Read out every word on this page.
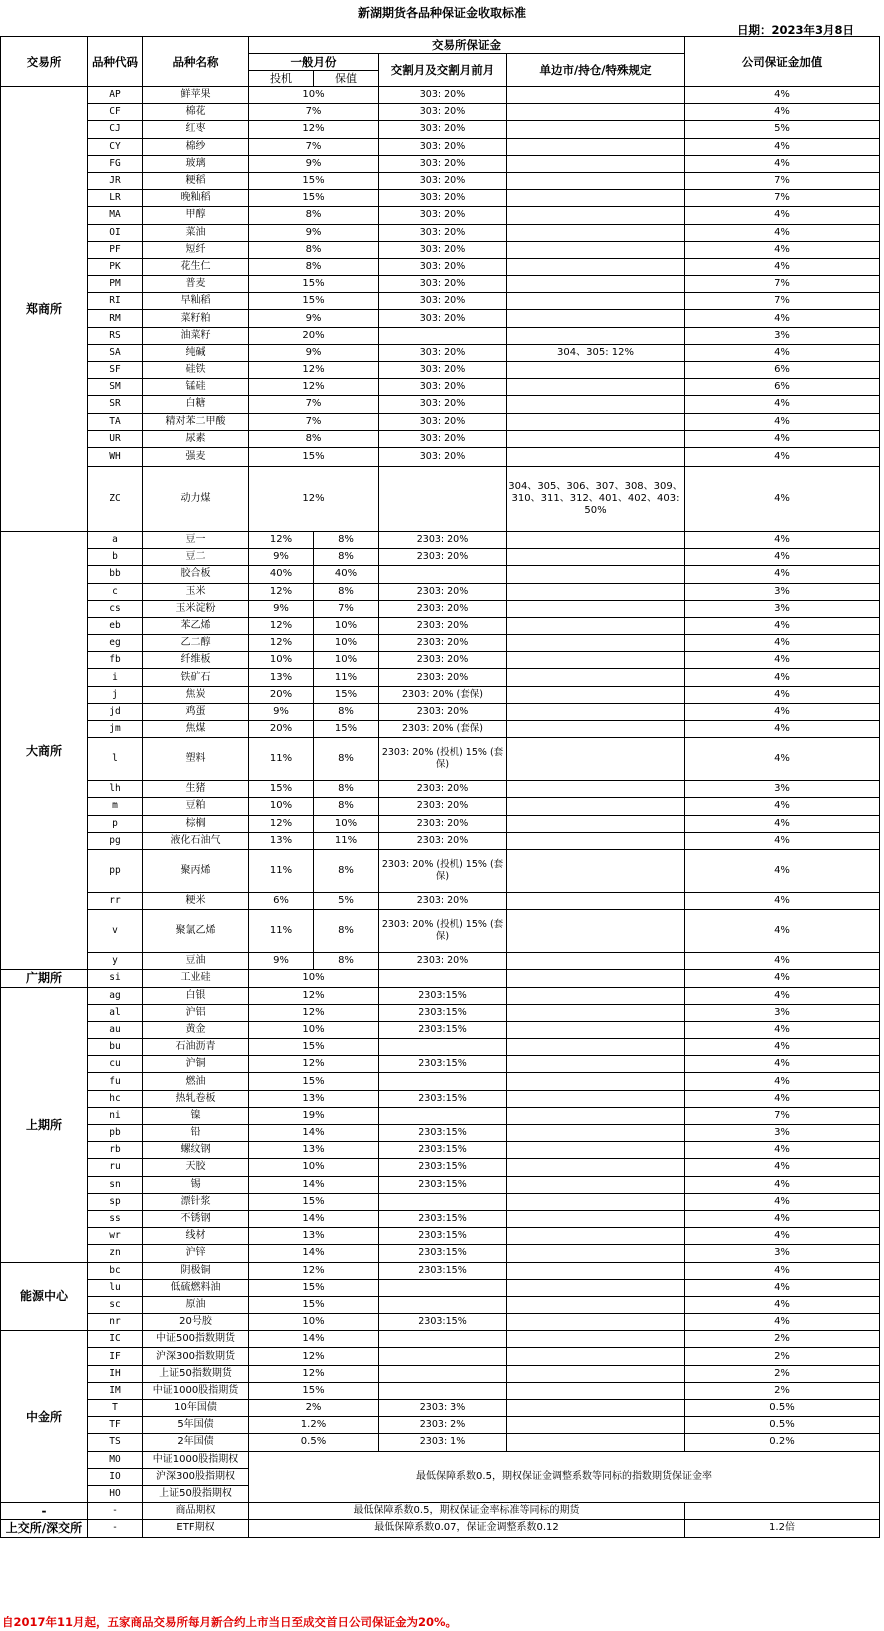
新湖期货各品种保证金收取标准
日期：2023年3月8日
交易所	品种代码	品种名称	交易所保证金				公司保证金加值
			一般月份		交割月及交割月前月	单边市/持仓/特殊规定	
			投机	保值			
郑商所	AP	鲜苹果	10%		303: 20%		4%
	CF	棉花	7%		303: 20%		4%
	CJ	红枣	12%		303: 20%		5%
	CY	棉纱	7%		303: 20%		4%
	FG	玻璃	9%		303: 20%		4%
	JR	粳稻	15%		303: 20%		7%
	LR	晚籼稻	15%		303: 20%		7%
	MA	甲醇	8%		303: 20%		4%
	OI	菜油	9%		303: 20%		4%
	PF	短纤	8%		303: 20%		4%
	PK	花生仁	8%		303: 20%		4%
	PM	普麦	15%		303: 20%		7%
	RI	早籼稻	15%		303: 20%		7%
	RM	菜籽粕	9%		303: 20%		4%
	RS	油菜籽	20%				3%
	SA	纯碱	9%		303: 20%	304、305: 12%	4%
	SF	硅铁	12%		303: 20%		6%
	SM	锰硅	12%		303: 20%		6%
	SR	白糖	7%		303: 20%		4%
	TA	精对苯二甲酸	7%		303: 20%		4%
	UR	尿素	8%		303: 20%		4%
	WH	强麦	15%		303: 20%		4%
	ZC	动力煤	12%			304、305、306、307、308、309、310、311、312、401、402、403: 50%	4%
大商所	a	豆一	12%	8%	2303: 20%		4%
	b	豆二	9%	8%	2303: 20%		4%
	bb	胶合板	40%	40%			4%
	c	玉米	12%	8%	2303: 20%		3%
	cs	玉米淀粉	9%	7%	2303: 20%		3%
	eb	苯乙烯	12%	10%	2303: 20%		4%
	eg	乙二醇	12%	10%	2303: 20%		4%
	fb	纤维板	10%	10%	2303: 20%		4%
	i	铁矿石	13%	11%	2303: 20%		4%
	j	焦炭	20%	15%	2303: 20% (套保)		4%
	jd	鸡蛋	9%	8%	2303: 20%		4%
	jm	焦煤	20%	15%	2303: 20% (套保)		4%
	l	塑料	11%	8%	2303: 20% (投机) 15% (套保)		4%
	lh	生猪	15%	8%	2303: 20%		3%
	m	豆粕	10%	8%	2303: 20%		4%
	p	棕榈	12%	10%	2303: 20%		4%
	pg	液化石油气	13%	11%	2303: 20%		4%
	pp	聚丙烯	11%	8%	2303: 20% (投机) 15% (套保)		4%
	rr	粳米	6%	5%	2303: 20%		4%
	v	聚氯乙烯	11%	8%	2303: 20% (投机) 15% (套保)		4%
	y	豆油	9%	8%	2303: 20%		4%
广期所	si	工业硅	10%				4%
上期所	ag	白银	12%		2303:15%		4%
	al	沪铝	12%		2303:15%		3%
	au	黄金	10%		2303:15%		4%
	bu	石油沥青	15%				4%
	cu	沪铜	12%		2303:15%		4%
	fu	燃油	15%				4%
	hc	热轧卷板	13%		2303:15%		4%
	ni	镍	19%				7%
	pb	铅	14%		2303:15%		3%
	rb	螺纹钢	13%		2303:15%		4%
	ru	天胶	10%		2303:15%		4%
	sn	锡	14%		2303:15%		4%
	sp	漂针浆	15%				4%
	ss	不锈钢	14%		2303:15%		4%
	wr	线材	13%		2303:15%		4%
	zn	沪锌	14%		2303:15%		3%
能源中心	bc	阴极铜	12%		2303:15%		4%
	lu	低硫燃料油	15%				4%
	sc	原油	15%				4%
	nr	20号胶	10%		2303:15%		4%
中金所	IC	中证500指数期货	14%				2%
	IF	沪深300指数期货	12%				2%
	IH	上证50指数期货	12%				2%
	IM	中证1000股指期货	15%				2%
	T	10年国债	2%		2303: 3%		0.5%
	TF	5年国债	1.2%		2303: 2%		0.5%
	TS	2年国债	0.5%		2303: 1%		0.2%
	MO	中证1000股指期权	最低保障系数0.5，期权保证金调整系数等同标的指数期货保证金率				
	IO	沪深300股指期权					
	HO	上证50股指期权					
-	-	商品期权	最低保障系数0.5，期权保证金率标准等同标的期货				
上交所/深交所	-	ETF期权	最低保障系数0.07，保证金调整系数0.12				1.2倍
自2017年11月起，五家商品交易所每月新合约上市当日至成交首日公司保证金为20%。
